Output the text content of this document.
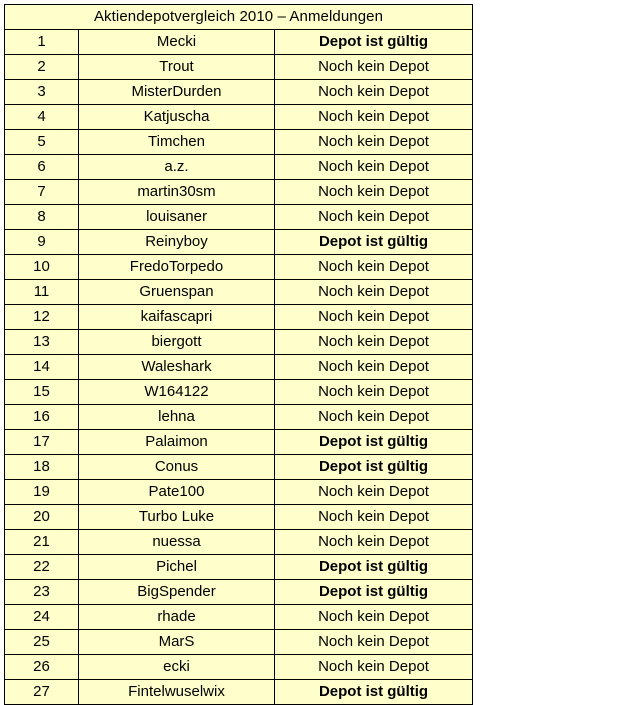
Aktiendepotvergleich 2010 – Anmeldungen		
1	Mecki	Depot ist gültig
2	Trout	Noch kein Depot
3	MisterDurden	Noch kein Depot
4	Katjuscha	Noch kein Depot
5	Timchen	Noch kein Depot
6	a.z.	Noch kein Depot
7	martin30sm	Noch kein Depot
8	louisaner	Noch kein Depot
9	Reinyboy	Depot ist gültig
10	FredoTorpedo	Noch kein Depot
11	Gruenspan	Noch kein Depot
12	kaifascapri	Noch kein Depot
13	biergott	Noch kein Depot
14	Waleshark	Noch kein Depot
15	W164122	Noch kein Depot
16	lehna	Noch kein Depot
17	Palaimon	Depot ist gültig
18	Conus	Depot ist gültig
19	Pate100	Noch kein Depot
20	Turbo Luke	Noch kein Depot
21	nuessa	Noch kein Depot
22	Pichel	Depot ist gültig
23	BigSpender	Depot ist gültig
24	rhade	Noch kein Depot
25	MarS	Noch kein Depot
26	ecki	Noch kein Depot
27	Fintelwuselwix	Depot ist gültig
